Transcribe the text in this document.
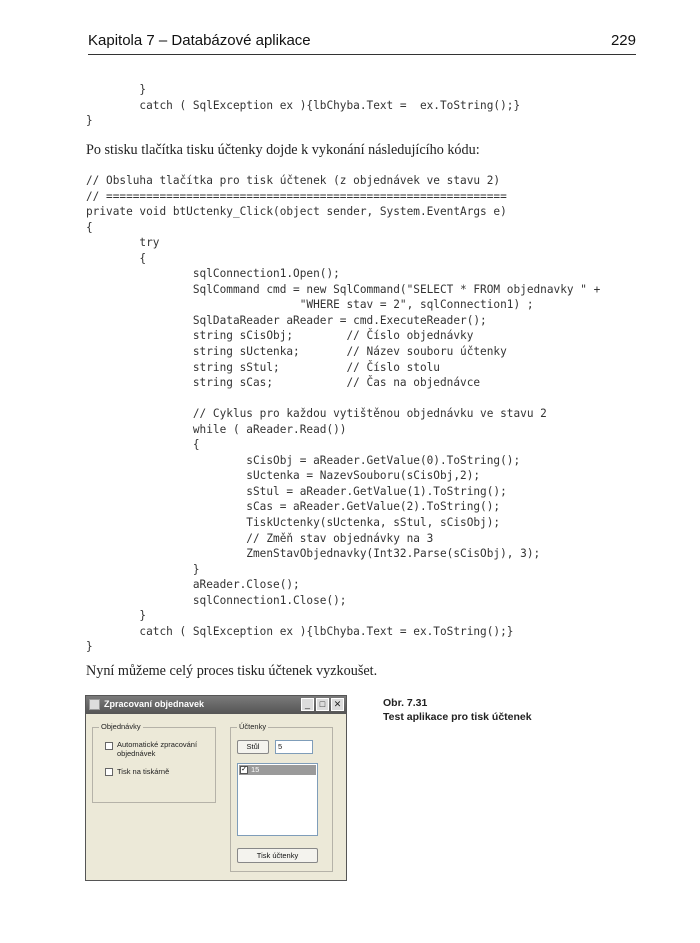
Kapitola 7 – Databázové aplikace	229
}
catch ( SqlException ex ){lbChyba.Text =  ex.ToString();}
}
Po stisku tlačítka tisku účtenky dojde k vykonání následujícího kódu:
// Obsluha tlačítka pro tisk účtenek (z objednávek ve stavu 2)
// ============================================================
private void btUctenky_Click(object sender, System.EventArgs e)
{
try
{
sqlConnection1.Open();
SqlCommand cmd = new SqlCommand("SELECT * FROM objednavky " +
"WHERE stav = 2", sqlConnection1) ;
SqlDataReader aReader = cmd.ExecuteReader();
string sCisObj;        // Číslo objednávky
string sUctenka;       // Název souboru účtenky
string sStul;          // Číslo stolu
string sCas;           // Čas na objednávce
// Cyklus pro každou vytištěnou objednávku ve stavu 2
while ( aReader.Read())
{
sCisObj = aReader.GetValue(0).ToString();
sUctenka = NazevSouboru(sCisObj,2);
sStul = aReader.GetValue(1).ToString();
sCas = aReader.GetValue(2).ToString();
TiskUctenky(sUctenka, sStul, sCisObj);
// Změň stav objednávky na 3
ZmenStavObjednavky(Int32.Parse(sCisObj), 3);
}
aReader.Close();
sqlConnection1.Close();
}
catch ( SqlException ex ){lbChyba.Text = ex.ToString();}
}
Nyní můžeme celý proces tisku účtenek vyzkoušet.
Zpracovaní objednavek	_	□ ✕
Objednávky
Automatické zpracování objednávek
Tisk na tiskárně
Účtenky
Stůl	5
✓ 15
Tisk účtenky
Obr. 7.31
Test aplikace pro tisk účtenek
